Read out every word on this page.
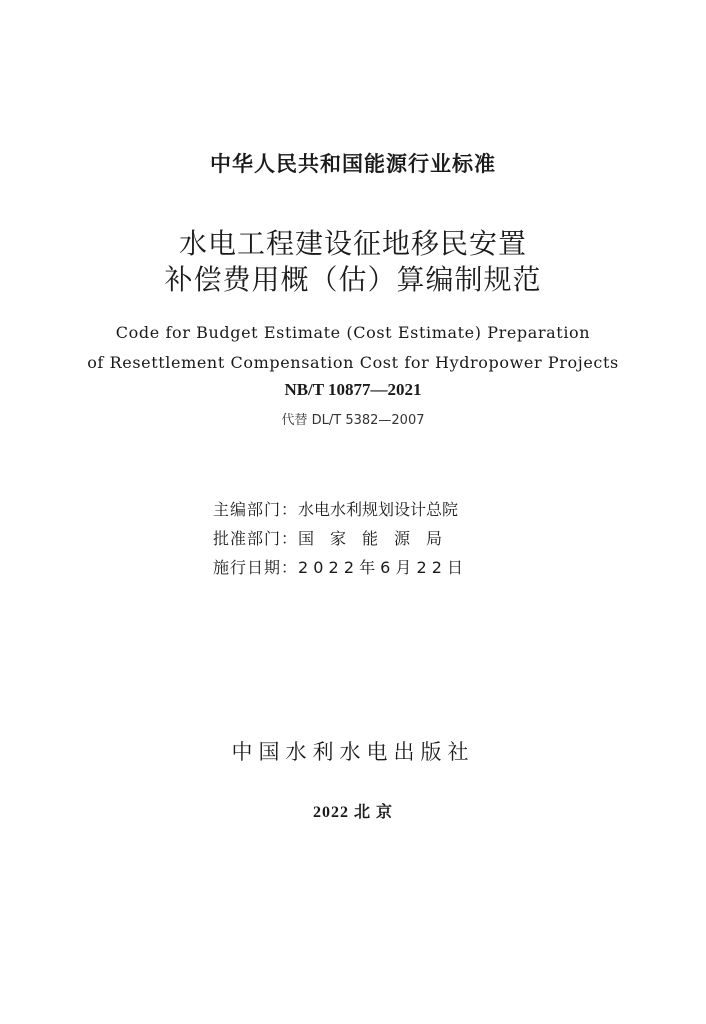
中华人民共和国能源行业标准
水电工程建设征地移民安置
补偿费用概（估）算编制规范
Code for Budget Estimate (Cost Estimate) Preparation
of Resettlement Compensation Cost for Hydropower Projects
NB/T 10877—2021
代替 DL/T 5382—2007
主编部门：水电水利规划设计总院
批准部门：国　家　能　源　局
施行日期：2 0 2 2 年 6 月 2 2 日
中国水利水电出版社
2022 北 京
